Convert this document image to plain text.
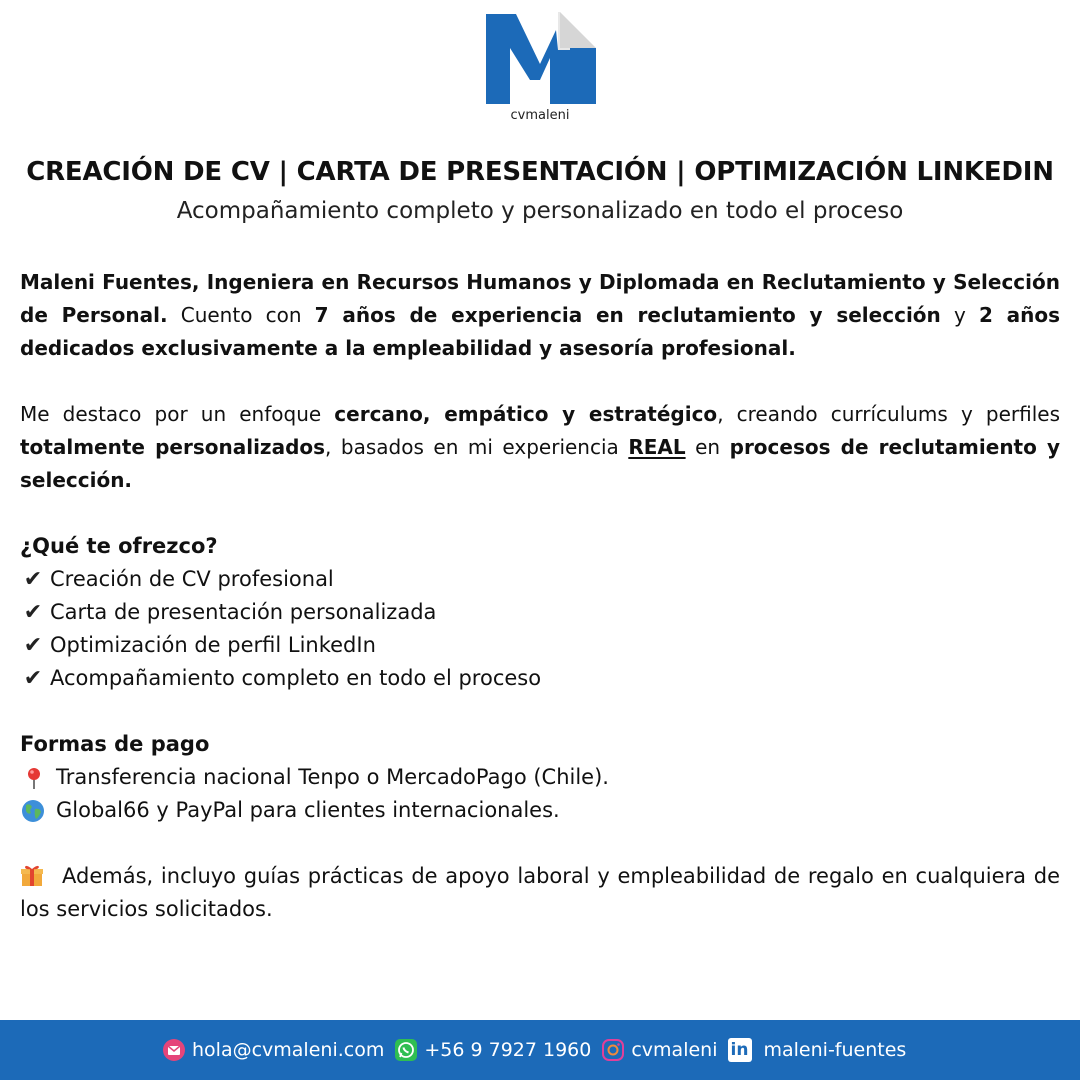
cvmaleni
CREACIÓN DE CV | CARTA DE PRESENTACIÓN | OPTIMIZACIÓN LINKEDIN
Acompañamiento completo y personalizado en todo el proceso

Maleni Fuentes, Ingeniera en Recursos Humanos y Diplomada en Reclutamiento y Selección de Personal. Cuento con 7 años de experiencia en reclutamiento y selección y 2 años dedicados exclusivamente a la empleabilidad y asesoría profesional.

Me destaco por un enfoque cercano, empático y estratégico, creando currículums y perfiles totalmente personalizados, basados en mi experiencia REAL en procesos de reclutamiento y selección.

¿Qué te ofrezco?
✔ Creación de CV profesional
✔ Carta de presentación personalizada
✔ Optimización de perfil LinkedIn
✔ Acompañamiento completo en todo el proceso
Formas de pago
Transferencia nacional Tenpo o MercadoPago (Chile).
Global66 y PayPal para clientes internacionales.

Además, incluyo guías prácticas de apoyo laboral y empleabilidad de regalo en cualquiera de los servicios solicitados.

hola@cvmaleni.com +56 9 7927 1960 cvmaleni in maleni-fuentes
